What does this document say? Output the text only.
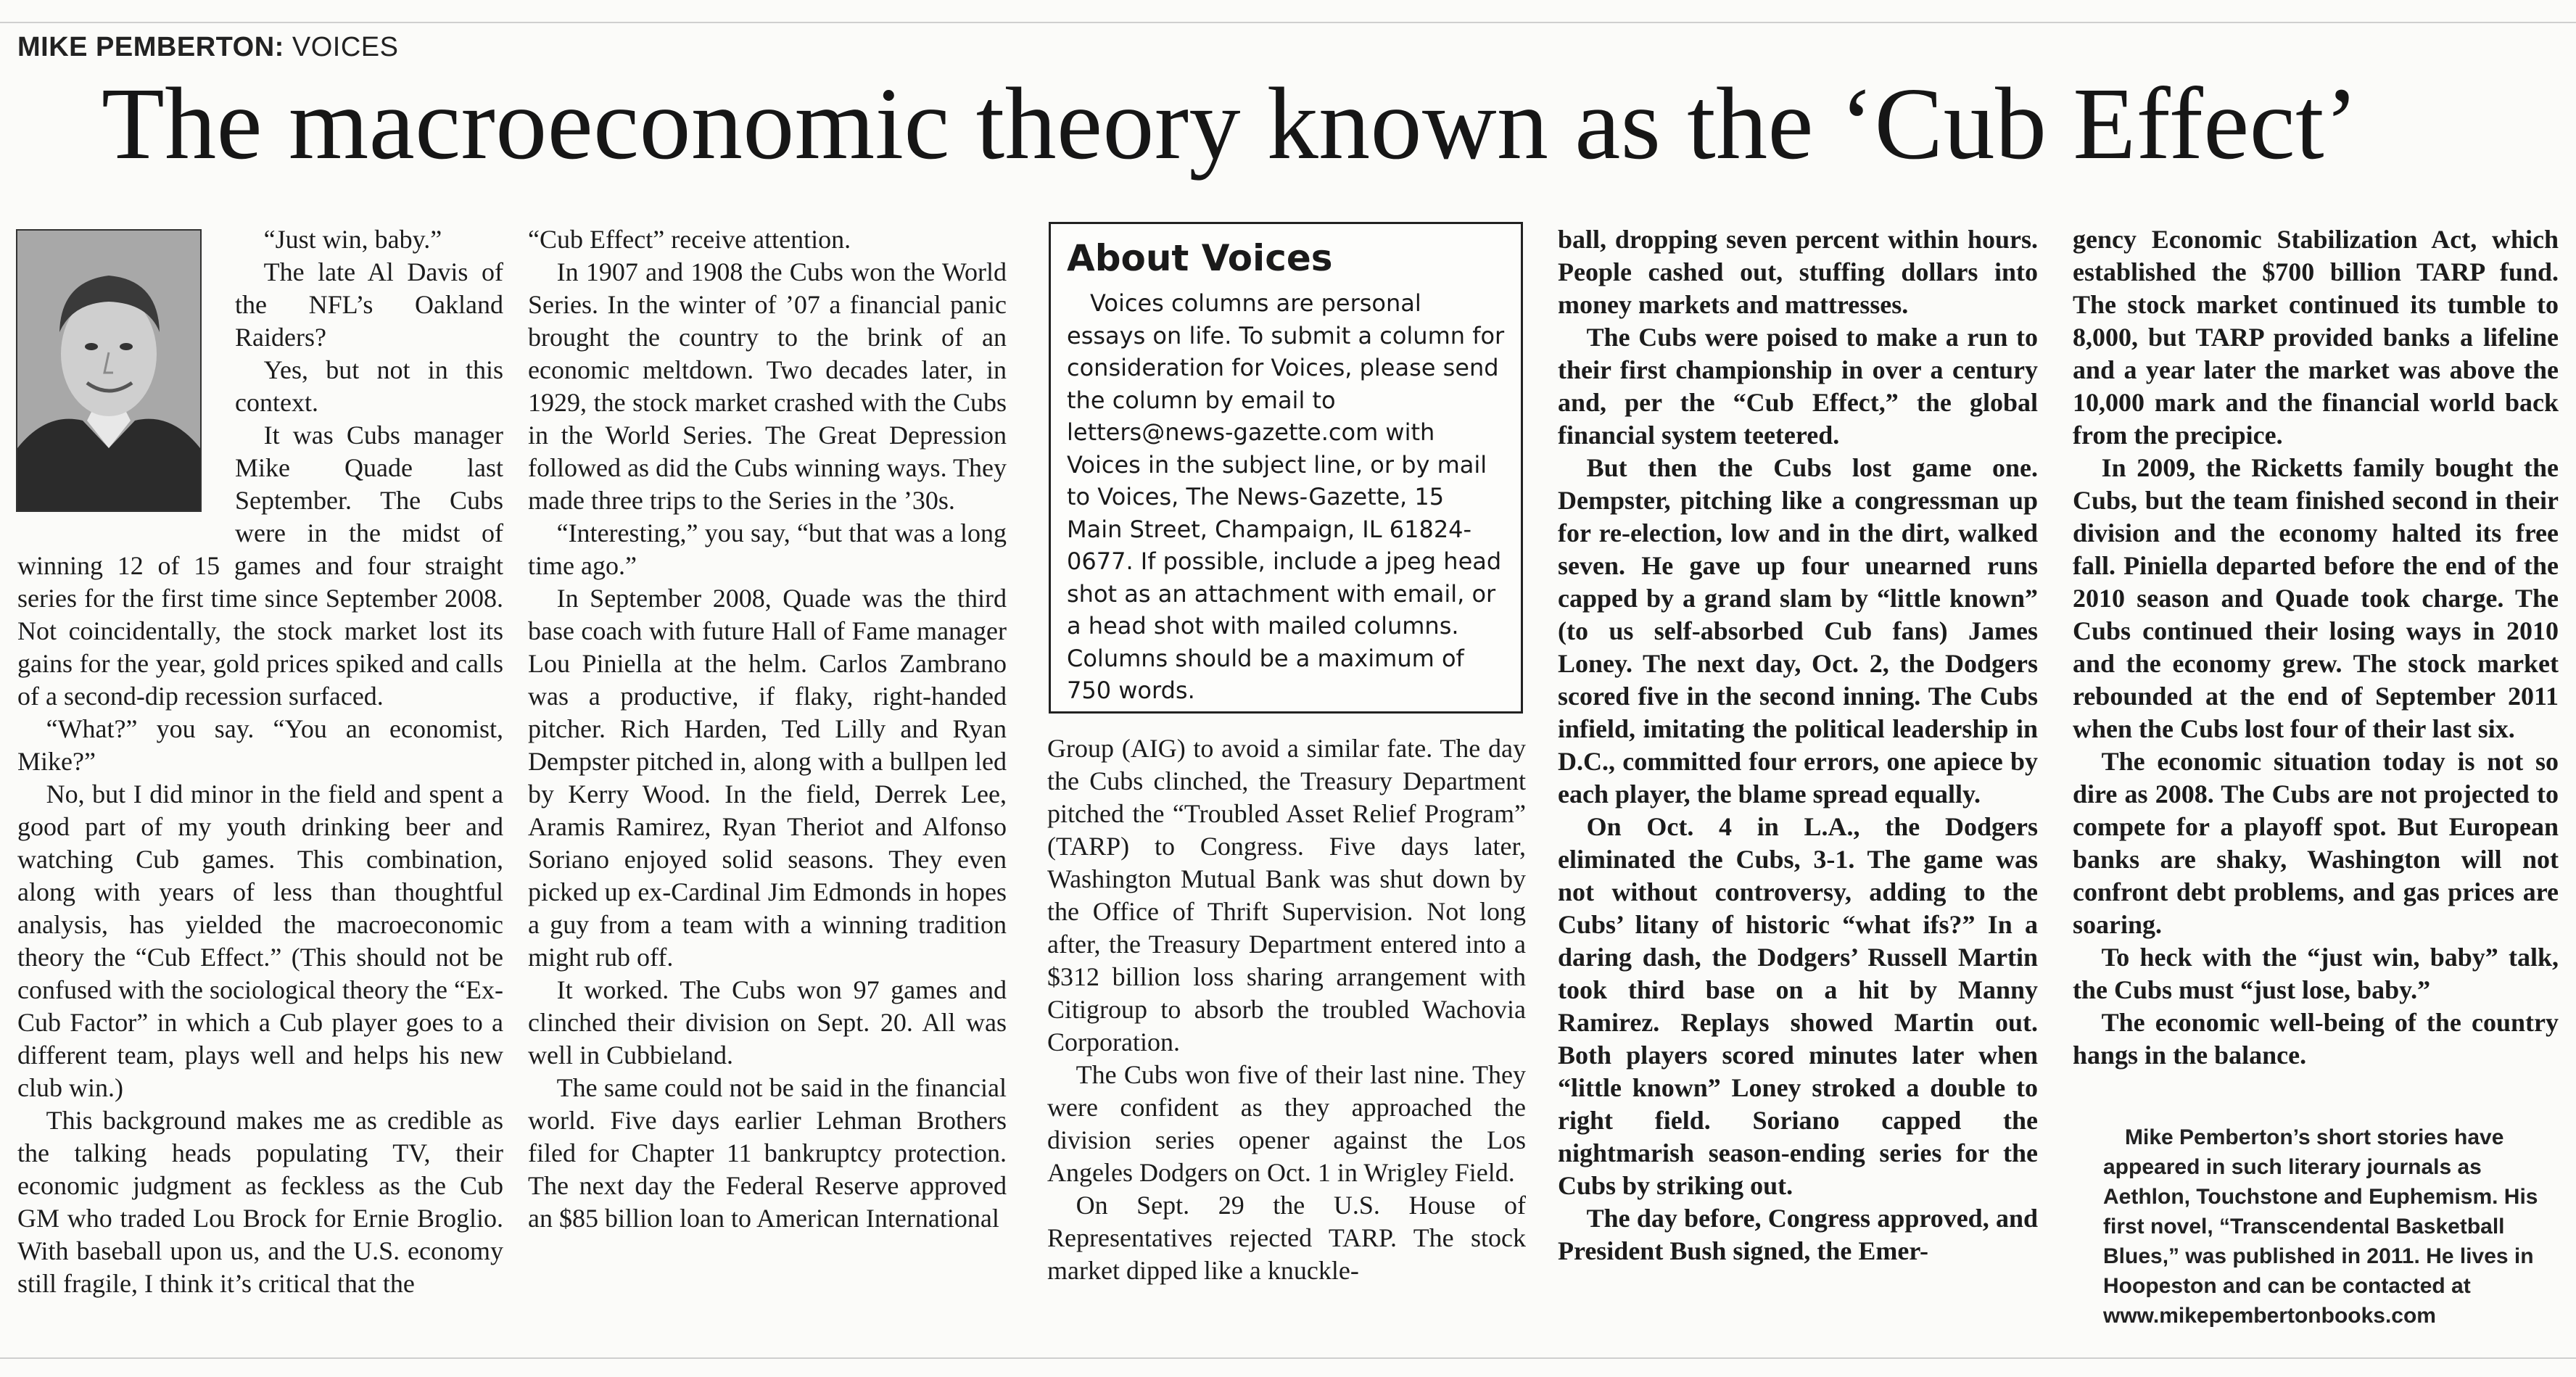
MIKE PEMBERTON: VOICES
The macroeconomic theory known as the ‘Cub Effect’

“Just win, baby.”

The late Al Davis of the NFL’s Oakland Raiders?

Yes, but not in this context.

It was Cubs manager Mike Quade last September. The Cubs were in the midst of winning 12 of 15 games and four straight series for the first time since September 2008. Not coincidentally, the stock market lost its gains for the year, gold prices spiked and calls of a second-dip recession surfaced.

“What?” you say. “You an economist, Mike?”

No, but I did minor in the field and spent a good part of my youth drinking beer and watching Cub games. This combination, along with years of less than thoughtful analysis, has yielded the macroeconomic theory the “Cub Effect.” (This should not be confused with the sociological theory the “Ex-Cub Factor” in which a Cub player goes to a different team, plays well and helps his new club win.)

This background makes me as credible as the talking heads populating TV, their economic judgment as feckless as the Cub GM who traded Lou Brock for Ernie Broglio. With baseball upon us, and the U.S. economy still fragile, I think it’s critical that the

“Cub Effect” receive attention.

In 1907 and 1908 the Cubs won the World Series. In the winter of ’07 a financial panic brought the country to the brink of an economic meltdown. Two decades later, in 1929, the stock market crashed with the Cubs in the World Series. The Great Depression followed as did the Cubs winning ways. They made three trips to the Series in the ’30s.

“Interesting,” you say, “but that was a long time ago.”

In September 2008, Quade was the third base coach with future Hall of Fame manager Lou Piniella at the helm. Carlos Zambrano was a productive, if flaky, right-handed pitcher. Rich Harden, Ted Lilly and Ryan Dempster pitched in, along with a bullpen led by Kerry Wood. In the field, Derrek Lee, Aramis Ramirez, Ryan Theriot and Alfonso Soriano enjoyed solid seasons. They even picked up ex-Cardinal Jim Edmonds in hopes a guy from a team with a winning tradition might rub off.

It worked. The Cubs won 97 games and clinched their division on Sept. 20. All was well in Cubbieland.

The same could not be said in the financial world. Five days earlier Lehman Brothers filed for Chapter 11 bankruptcy protection. The next day the Federal Reserve approved an $85 billion loan to American International

About Voices

Voices columns are personal essays on life. To submit a column for consideration for Voices, please send the column by email to letters@news-gazette.com with Voices in the subject line, or by mail to Voices, The News-Gazette, 15 Main Street, Champaign, IL 61824-0677. If possible, include a jpeg head shot as an attachment with email, or a head shot with mailed columns. Columns should be a maximum of 750 words.

Group (AIG) to avoid a similar fate. The day the Cubs clinched, the Treasury Department pitched the “Troubled Asset Relief Program” (TARP) to Congress. Five days later, Washington Mutual Bank was shut down by the Office of Thrift Supervision. Not long after, the Treasury Department entered into a $312 billion loss sharing arrangement with Citigroup to absorb the troubled Wachovia Corporation.

The Cubs won five of their last nine. They were confident as they approached the division series opener against the Los Angeles Dodgers on Oct. 1 in Wrigley Field.

On Sept. 29 the U.S. House of Representatives rejected TARP. The stock market dipped like a knuckle-

ball, dropping seven percent within hours. People cashed out, stuffing dollars into money markets and mattresses.

The Cubs were poised to make a run to their first championship in over a century and, per the “Cub Effect,” the global financial system teetered.

But then the Cubs lost game one. Dempster, pitching like a congressman up for re-election, low and in the dirt, walked seven. He gave up four unearned runs capped by a grand slam by “little known” (to us self-absorbed Cub fans) James Loney. The next day, Oct. 2, the Dodgers scored five in the second inning. The Cubs infield, imitating the political leadership in D.C., committed four errors, one apiece by each player, the blame spread equally.

On Oct. 4 in L.A., the Dodgers eliminated the Cubs, 3-1. The game was not without controversy, adding to the Cubs’ litany of historic “what ifs?” In a daring dash, the Dodgers’ Russell Martin took third base on a hit by Manny Ramirez. Replays showed Martin out. Both players scored minutes later when “little known” Loney stroked a double to right field. Soriano capped the nightmarish season-ending series for the Cubs by striking out.

The day before, Congress approved, and President Bush signed, the Emer-

gency Economic Stabilization Act, which established the $700 billion TARP fund. The stock market continued its tumble to 8,000, but TARP provided banks a lifeline and a year later the market was above the 10,000 mark and the financial world back from the precipice.

In 2009, the Ricketts family bought the Cubs, but the team finished second in their division and the economy halted its free fall. Piniella departed before the end of the 2010 season and Quade took charge. The Cubs continued their losing ways in 2010 and the economy grew. The stock market rebounded at the end of September 2011 when the Cubs lost four of their last six.

The economic situation today is not so dire as 2008. The Cubs are not projected to compete for a playoff spot. But European banks are shaky, Washington will not confront debt problems, and gas prices are soaring.

To heck with the “just win, baby” talk, the Cubs must “just lose, baby.”

The economic well-being of the country hangs in the balance.

Mike Pemberton’s short stories have appeared in such literary journals as Aethlon, Touchstone and Euphemism. His first novel, “Transcendental Basketball Blues,” was published in 2011. He lives in Hoopeston and can be contacted at www.mikepembertonbooks.com
